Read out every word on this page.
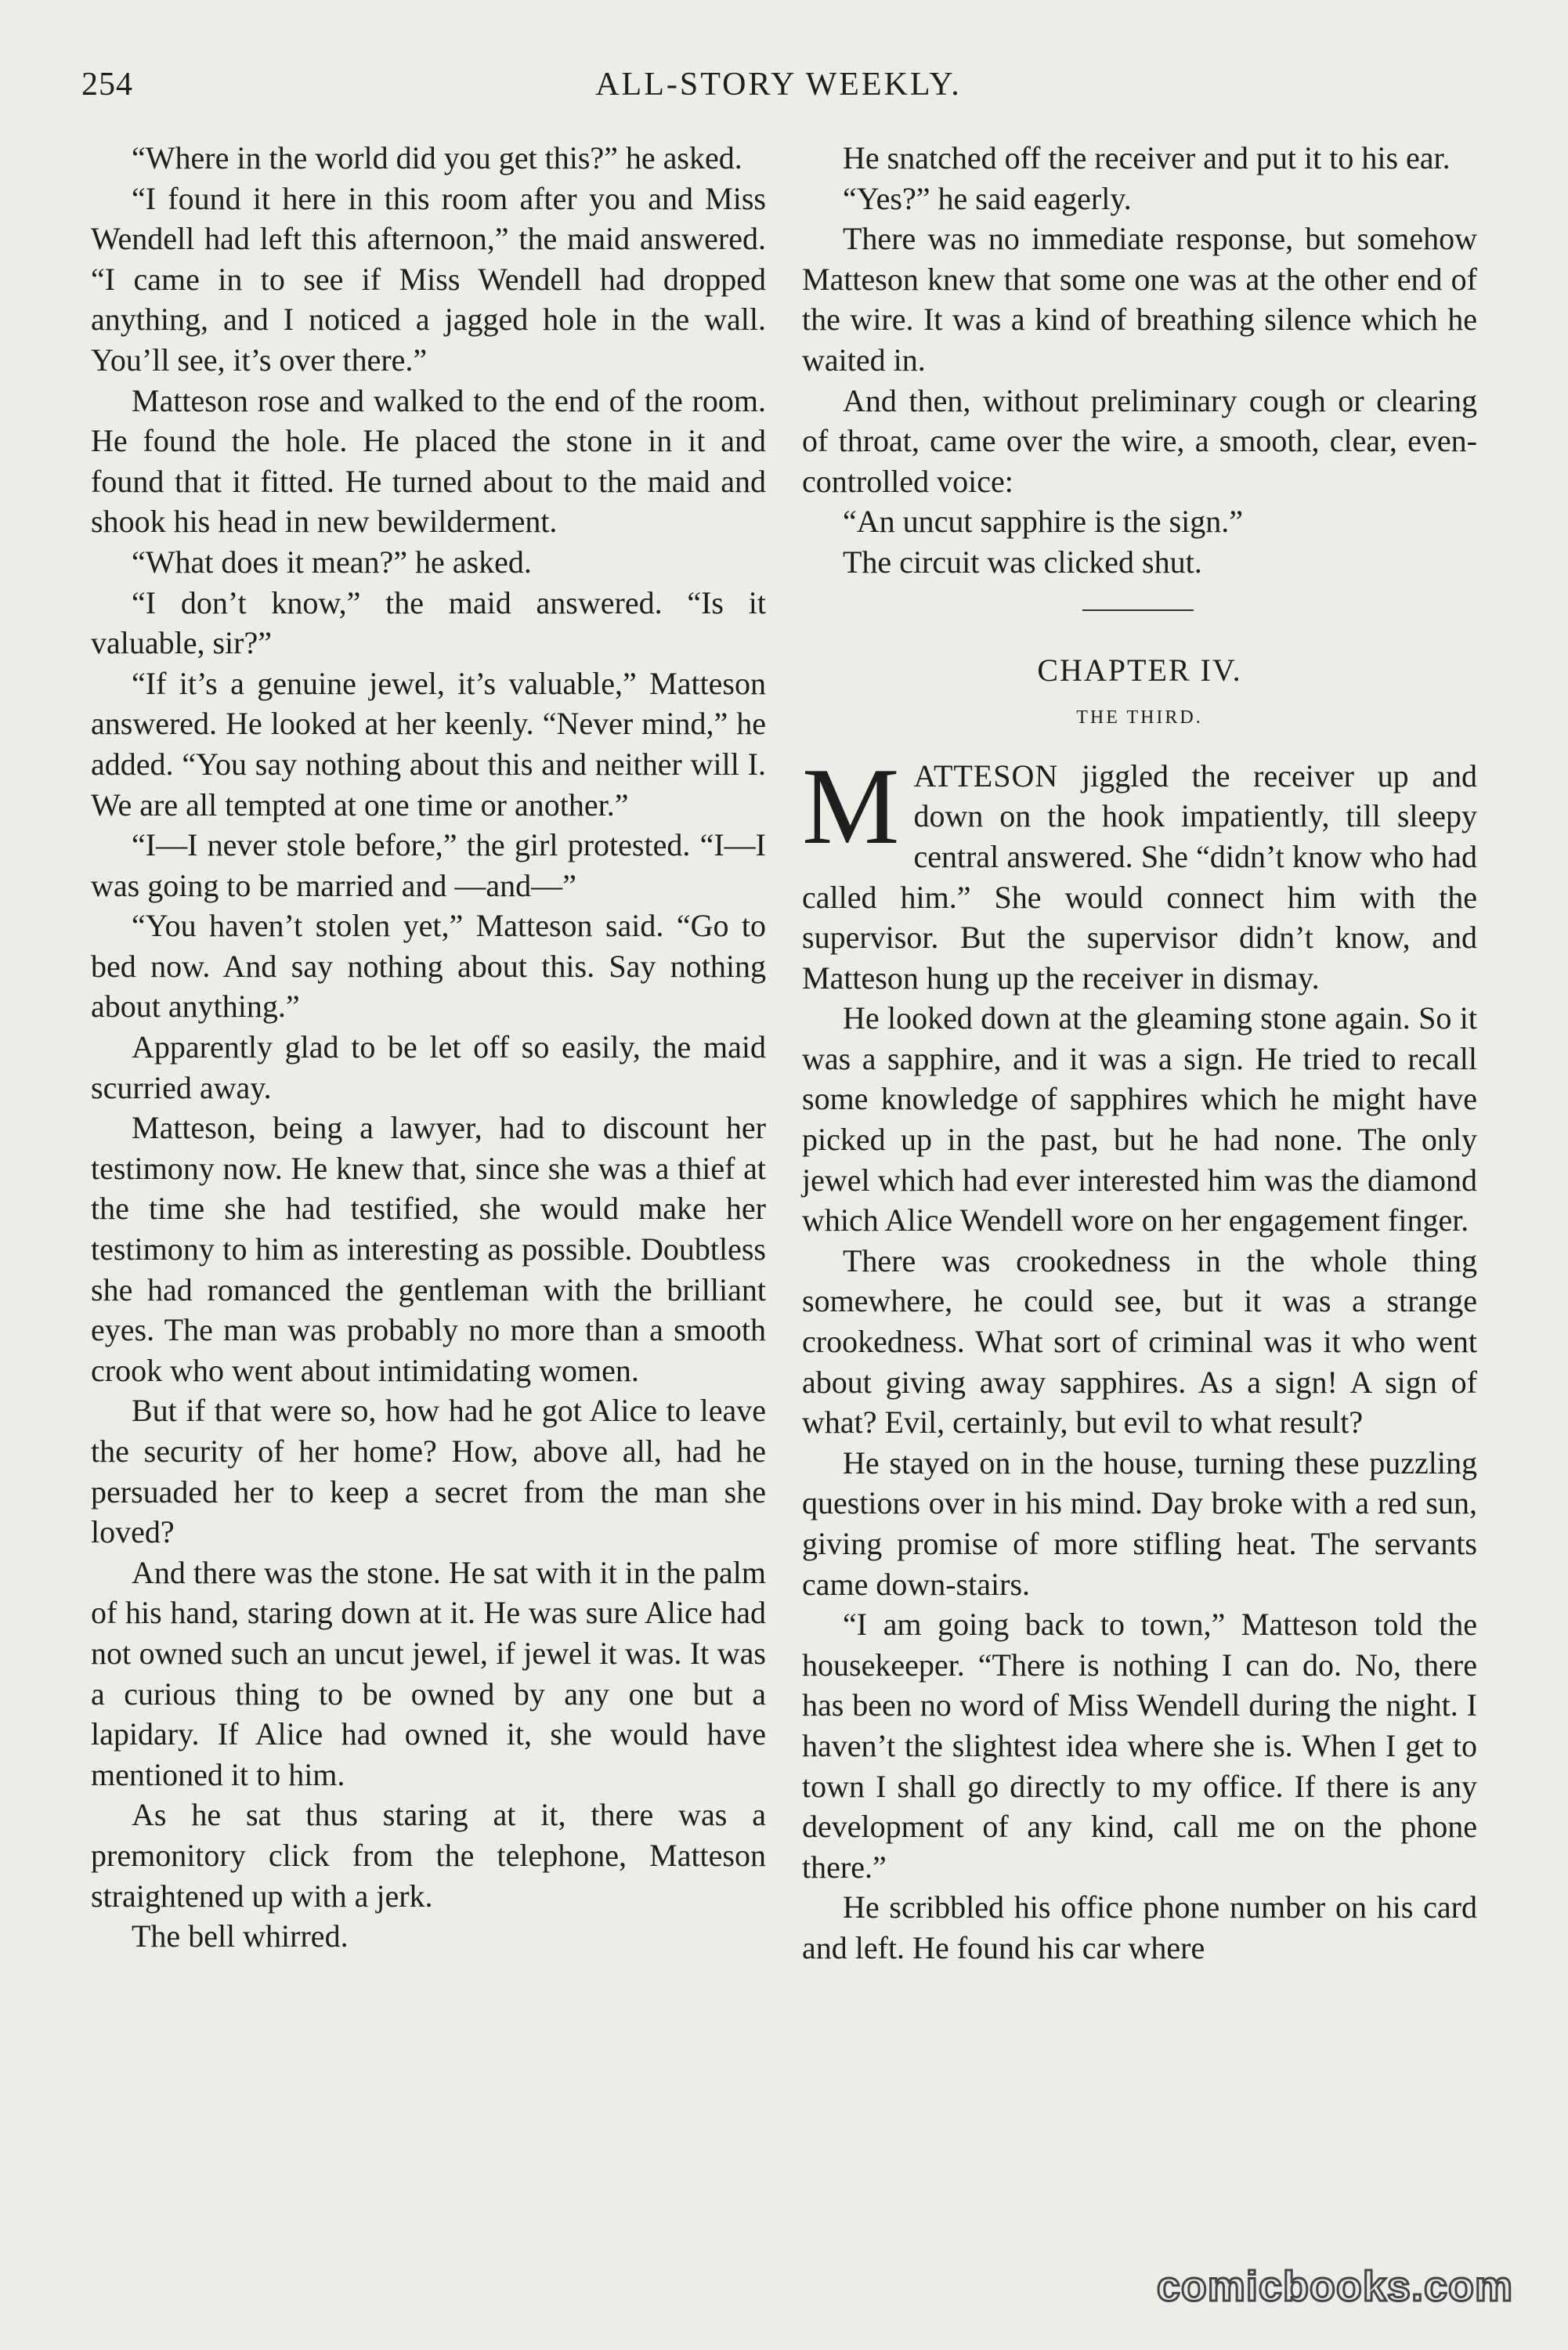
254	ALL-STORY WEEKLY.

“Where in the world did you get this?” he asked.

“I found it here in this room after you and Miss Wendell had left this afternoon,” the maid answered. “I came in to see if Miss Wendell had dropped anything, and I noticed a jagged hole in the wall. You’ll see, it’s over there.”

Matteson rose and walked to the end of the room. He found the hole. He placed the stone in it and found that it fitted. He turned about to the maid and shook his head in new bewilderment.

“What does it mean?” he asked.

“I don’t know,” the maid answered. “Is it valuable, sir?”

“If it’s a genuine jewel, it’s valuable,” Matteson answered. He looked at her keenly. “Never mind,” he added. “You say nothing about this and neither will I. We are all tempted at one time or another.”

“I—I never stole before,” the girl protested. “I—I was going to be married and —and—”

“You haven’t stolen yet,” Matteson said. “Go to bed now. And say nothing about this. Say nothing about anything.”

Apparently glad to be let off so easily, the maid scurried away.

Matteson, being a lawyer, had to discount her testimony now. He knew that, since she was a thief at the time she had testified, she would make her testimony to him as interesting as possible. Doubtless she had romanced the gentleman with the brilliant eyes. The man was probably no more than a smooth crook who went about intimidating women.

But if that were so, how had he got Alice to leave the security of her home? How, above all, had he persuaded her to keep a secret from the man she loved?

And there was the stone. He sat with it in the palm of his hand, staring down at it. He was sure Alice had not owned such an uncut jewel, if jewel it was. It was a curious thing to be owned by any one but a lapidary. If Alice had owned it, she would have mentioned it to him.

As he sat thus staring at it, there was a premonitory click from the telephone, Matteson straightened up with a jerk.

The bell whirred.

He snatched off the receiver and put it to his ear.

“Yes?” he said eagerly.

There was no immediate response, but somehow Matteson knew that some one was at the other end of the wire. It was a kind of breathing silence which he waited in.

And then, without preliminary cough or clearing of throat, came over the wire, a smooth, clear, even-controlled voice:

“An uncut sapphire is the sign.”

The circuit was clicked shut.

CHAPTER IV.
THE THIRD.

MATTESON jiggled the receiver up and down on the hook impatiently, till sleepy central answered. She “didn’t know who had called him.” She would connect him with the supervisor. But the supervisor didn’t know, and Matteson hung up the receiver in dismay.

He looked down at the gleaming stone again. So it was a sapphire, and it was a sign. He tried to recall some knowledge of sapphires which he might have picked up in the past, but he had none. The only jewel which had ever interested him was the diamond which Alice Wendell wore on her engagement finger.

There was crookedness in the whole thing somewhere, he could see, but it was a strange crookedness. What sort of criminal was it who went about giving away sapphires. As a sign! A sign of what? Evil, certainly, but evil to what result?

He stayed on in the house, turning these puzzling questions over in his mind. Day broke with a red sun, giving promise of more stifling heat. The servants came down-stairs.

“I am going back to town,” Matteson told the housekeeper. “There is nothing I can do. No, there has been no word of Miss Wendell during the night. I haven’t the slightest idea where she is. When I get to town I shall go directly to my office. If there is any development of any kind, call me on the phone there.”

He scribbled his office phone number on his card and left. He found his car where

comicbooks.com
